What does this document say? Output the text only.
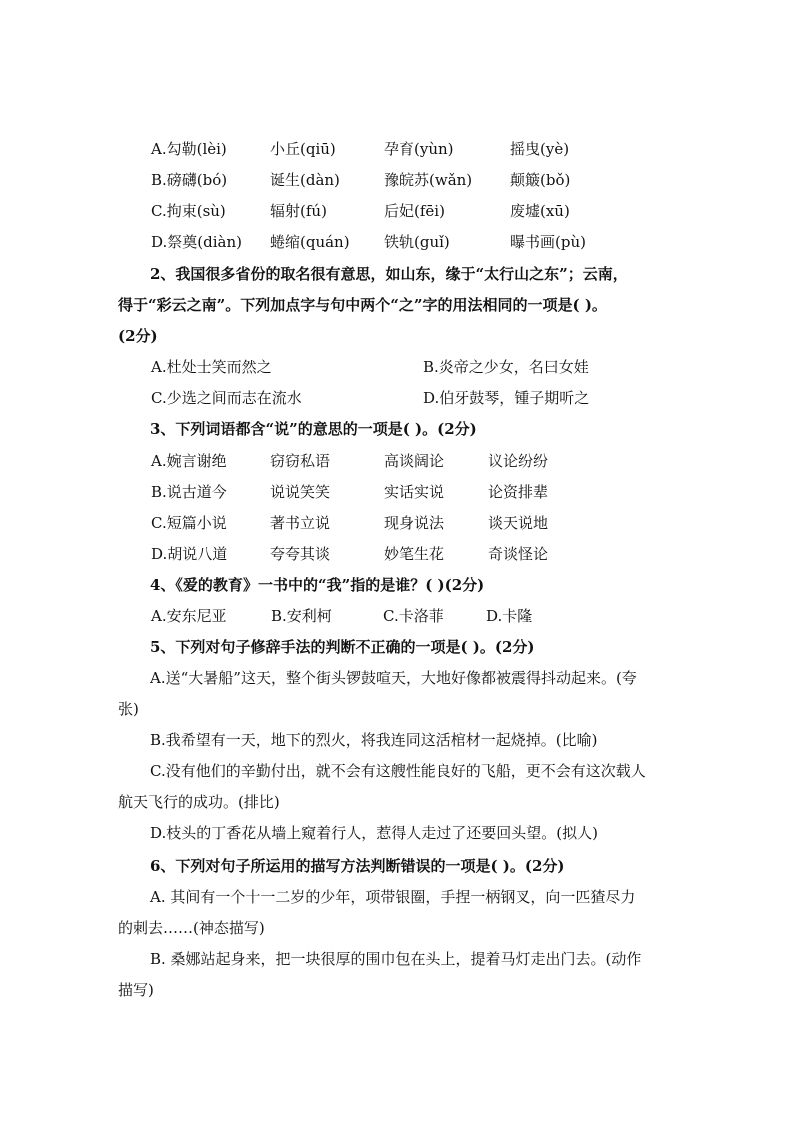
A.勾勒(lèi)	小丘(qiū)	孕育(yùn)	摇曳(yè)
B.磅礴(bó)	诞生(dàn)	豫皖苏(wǎn)	颠簸(bǒ)
C.拘束(sù)	辐射(fú)	后妃(fēi)	废墟(xū)
D.祭奠(diàn) 蜷缩(quán) 铁轨(guǐ)	曝书画(pù)
2、我国很多省份的取名很有意思，如山东，缘于“太行山之东”；云南，
得于“彩云之南”。下列加点字与句中两个“之”字的用法相同的一项是( )。
(2分)
A.杜处士笑而然之	B.炎帝之少女，名曰女娃
C.少选之间而志在流水	D.伯牙鼓琴，锺子期听之
3、下列词语都含“说”的意思的一项是( )。(2分)
A.婉言谢绝	窃窃私语	高谈阔论	议论纷纷
B.说古道今	说说笑笑	实话实说	论资排辈
C.短篇小说	著书立说	现身说法	谈天说地
D.胡说八道	夸夸其谈	妙笔生花	奇谈怪论
4、《爱的教育》一书中的“我”指的是谁？( )(2分)
A.安东尼亚	B.安利柯	C.卡洛菲	D.卡隆
5、下列对句子修辞手法的判断不正确的一项是( )。(2分)
A.送“大暑船”这天，整个街头锣鼓喧天，大地好像都被震得抖动起来。(夸
张)
B.我希望有一天，地下的烈火，将我连同这活棺材一起烧掉。(比喻)
C.没有他们的辛勤付出，就不会有这艘性能良好的飞船，更不会有这次载人
航天飞行的成功。(排比)
D.枝头的丁香花从墙上窥着行人，惹得人走过了还要回头望。(拟人)
6、下列对句子所运用的描写方法判断错误的一项是( )。(2分)
A. 其间有一个十一二岁的少年，项带银圈，手捏一柄钢叉，向一匹猹尽力
的刺去……(神态描写)
B. 桑娜站起身来，把一块很厚的围巾包在头上，提着马灯走出门去。(动作
描写)
